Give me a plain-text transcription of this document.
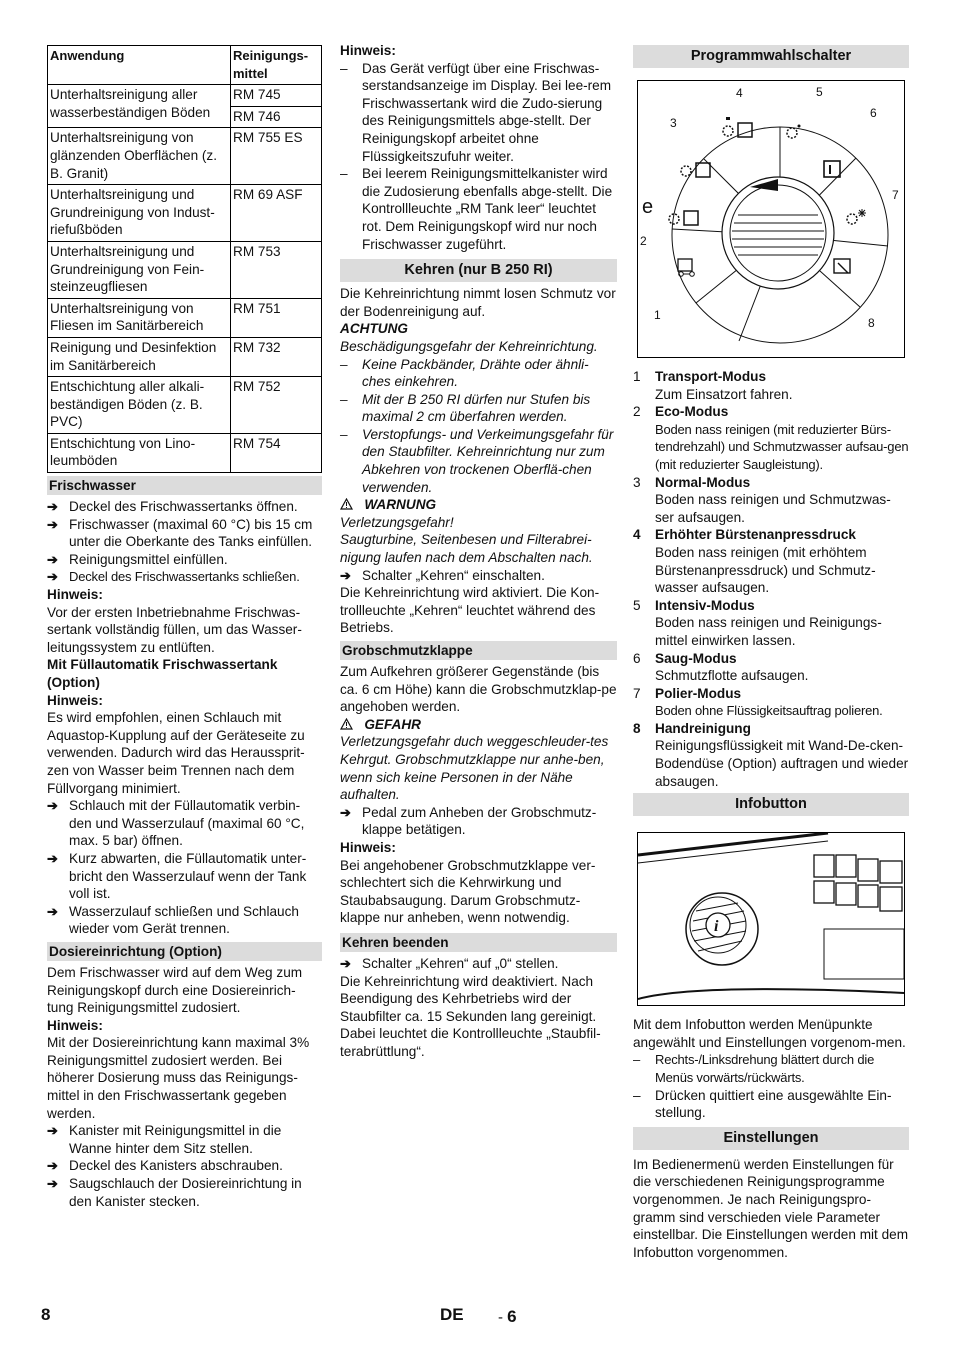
Anwendung	Reinigungs-
mittel
Unterhaltsreinigung aller wasserbeständigen Böden	RM 745
	RM 746
Unterhaltsreinigung von glänzenden Oberflächen (z. B. Granit)	RM 755 ES
Unterhaltsreinigung und Grundreinigung von Indust-riefußböden	RM 69 ASF
Unterhaltsreinigung und Grundreinigung von Fein-steinzeugfliesen	RM 753
Unterhaltsreinigung von Fliesen im Sanitärbereich	RM 751
Reinigung und Desinfektion im Sanitärbereich	RM 732
Entschichtung aller alkali-beständigen Böden (z. B. PVC)	RM 752
Entschichtung von Lino-leumböden	RM 754
Frischwasser
➔ Deckel des Frischwassertanks öffnen.
➔ Frischwasser (maximal 60 °C) bis 15 cm unter die Oberkante des Tanks einfüllen.
➔ Reinigungsmittel einfüllen.
➔ Deckel des Frischwassertanks schließen.

Hinweis:

Vor der ersten Inbetriebnahme Frischwas-sertank vollständig füllen, um das Wasser-leitungssystem zu entlüften.

Mit Füllautomatik Frischwassertank (Option)

Hinweis:

Es wird empfohlen, einen Schlauch mit Aquastop-Kupplung auf der Geräteseite zu verwenden. Dadurch wird das Heraussprit-zen von Wasser beim Trennen nach dem Füllvorgang minimiert.

➔ Schlauch mit der Füllautomatik verbin-den und Wasserzulauf (maximal 60 °C, max. 5 bar) öffnen.
➔ Kurz abwarten, die Füllautomatik unter-bricht den Wasserzulauf wenn der Tank voll ist.
➔ Wasserzulauf schließen und Schlauch wieder vom Gerät trennen.
Dosiereinrichtung (Option)

Dem Frischwasser wird auf dem Weg zum Reinigungskopf durch eine Dosiereinrich-tung Reinigungsmittel zudosiert.

Hinweis:

Mit der Dosiereinrichtung kann maximal 3% Reinigungsmittel zudosiert werden. Bei höherer Dosierung muss das Reinigungs-mittel in den Frischwassertank gegeben werden.

➔ Kanister mit Reinigungsmittel in die Wanne hinter dem Sitz stellen.
➔ Deckel des Kanisters abschrauben.
➔ Saugschlauch der Dosiereinrichtung in den Kanister stecken.

Hinweis:

–	Das Gerät verfügt über eine Frischwas-serstandsanzeige im Display. Bei lee-rem Frischwassertank wird die Zudo-sierung des Reinigungsmittels abge-stellt. Der Reinigungskopf arbeitet ohne Flüssigkeitszufuhr weiter.
–	Bei leerem Reinigungsmittelkanister wird die Zudosierung ebenfalls abge-stellt. Die Kontrollleuchte „RM Tank leer“ leuchtet rot. Dem Reinigungskopf wird nur noch Frischwasser zugeführt.
Kehren (nur B 250 RI)

Die Kehreinrichtung nimmt losen Schmutz vor der Bodenreinigung auf.

ACHTUNG

Beschädigungsgefahr der Kehreinrichtung.

–	Keine Packbänder, Drähte oder ähnli-ches einkehren.
–	Mit der B 250 RI dürfen nur Stufen bis maximal 2 cm überfahren werden.
–	Verstopfungs- und Verkeimungsgefahr für den Staubfilter. Kehreinrichtung nur zum Abkehren von trockenen Oberflä-chen verwenden.

WARNUNG

Verletzungsgefahr!

Saugturbine, Seitenbesen und Filterabrei-nigung laufen nach dem Abschalten nach.

➔ Schalter „Kehren“ einschalten.

Die Kehreinrichtung wird aktiviert. Die Kon-trollleuchte „Kehren“ leuchtet während des Betriebs.

Grobschmutzklappe

Zum Aufkehren größerer Gegenstände (bis ca. 6 cm Höhe) kann die Grobschmutzklap-pe angehoben werden.

GEFAHR

Verletzungsgefahr duch weggeschleuder-tes Kehrgut. Grobschmutzklappe nur anhe-ben, wenn sich keine Personen in der Nähe aufhalten.

➔ Pedal zum Anheben der Grobschmutz-klappe betätigen.

Hinweis:

Bei angehobener Grobschmutzklappe ver-schlechtert sich die Kehrwirkung und Staubabsaugung. Darum Grobschmutz-klappe nur anheben, wenn notwendig.

Kehren beenden
➔ Schalter „Kehren“ auf „0“ stellen.

Die Kehreinrichtung wird deaktiviert. Nach Beendigung des Kehrbetriebs wird der Staubfilter ca. 15 Sekunden lang gereinigt. Dabei leuchtet die Kontrollleuchte „Staubfil-terabrüttlung“.

Programmwahlschalter
e
1
2
3
4	5
6
7
8
1	Transport-Modus

Zum Einsatzort fahren.

2	Eco-Modus

Boden nass reinigen (mit reduzierter Bürs-tendrehzahl) und Schmutzwasser aufsau-gen (mit reduzierter Saugleistung).

3	Normal-Modus

Boden nass reinigen und Schmutzwas-ser aufsaugen.

4	Erhöhter Bürstenanpressdruck

Boden nass reinigen (mit erhöhtem Bürstenanpressdruck) und Schmutz-wasser aufsaugen.

5	Intensiv-Modus

Boden nass reinigen und Reinigungs-mittel einwirken lassen.

6	Saug-Modus

Schmutzflotte aufsaugen.

7	Polier-Modus

Boden ohne Flüssigkeitsauftrag polieren.

8	Handreinigung

Reinigungsflüssigkeit mit Wand-De-cken-Bodendüse (Option) auftragen und wieder absaugen.

Infobutton
i

Mit dem Infobutton werden Menüpunkte angewählt und Einstellungen vorgenom-men.

–	Rechts-/Linksdrehung blättert durch die Menüs vorwärts/rückwärts.
–	Drücken quittiert eine ausgewählte Ein-stellung.
Einstellungen

Im Bedienermenü werden Einstellungen für die verschiedenen Reinigungsprogramme vorgenommen. Je nach Reinigungspro-gramm sind verschieden viele Parameter einstellbar. Die Einstellungen werden mit dem Infobutton vorgenommen.

8	DE - 6
